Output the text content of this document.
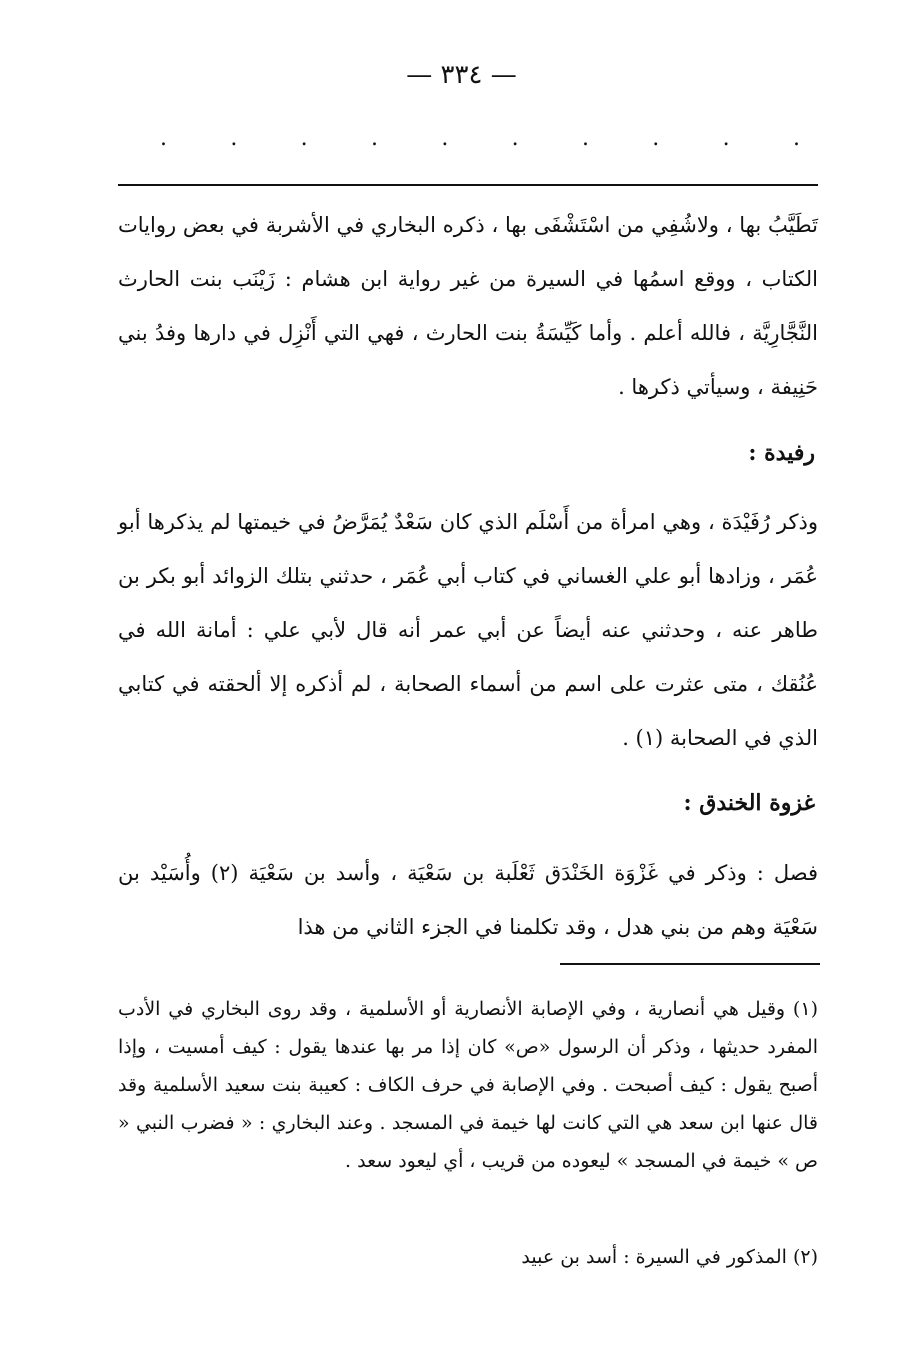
— ٣٣٤ —
.	.	.	.	.	.	.	.	.	.

تَطَيَّبُ بها ، ولاشُفِي من اسْتَشْفَى بها ، ذكره البخاري في الأشربة في بعض روايات الكتاب ، ووقع اسمُها في السيرة من غير رواية ابن هشام : زَيْنَب بنت الحارث النَّجَّارِيَّة ، فالله أعلم . وأما كَيِّسَةُ بنت الحارث ، فهي التي أَنْزِل في دارها وفدُ بني حَنِيفة ، وسيأتي ذكرها .

رفيدة :

وذكر رُفَيْدَة ، وهي امرأة من أَسْلَم الذي كان سَعْدٌ يُمَرَّضُ في خيمتها لم يذكرها أبو عُمَر ، وزادها أبو علي الغساني في كتاب أبي عُمَر ، حدثني بتلك الزوائد أبو بكر بن طاهر عنه ، وحدثني عنه أيضاً عن أبي عمر أنه قال لأبي علي : أمانة الله في عُنُقك ، متى عثرت على اسم من أسماء الصحابة ، لم أذكره إلا ألحقته في كتابي الذي في الصحابة (١) .

غزوة الخندق :

فصل : وذكر في غَزْوَة الخَنْدَق ثَعْلَبة بن سَعْيَة ، وأسد بن سَعْيَة (٢) وأُسَيْد بن سَعْيَة وهم من بني هدل ، وقد تكلمنا في الجزء الثاني من هذا

(١) وقيل هي أنصارية ، وفي الإصابة الأنصارية أو الأسلمية ، وقد روى البخاري في الأدب المفرد حديثها ، وذكر أن الرسول «ص» كان إذا مر بها عندها يقول : كيف أمسيت ، وإذا أصبح يقول : كيف أصبحت . وفي الإصابة في حرف الكاف : كعيبة بنت سعيد الأسلمية وقد قال عنها ابن سعد هي التي كانت لها خيمة في المسجد . وعند البخاري : « فضرب النبي « ص » خيمة في المسجد » ليعوده من قريب ، أي ليعود سعد .

(٢) المذكور في السيرة : أسد بن عبيد
